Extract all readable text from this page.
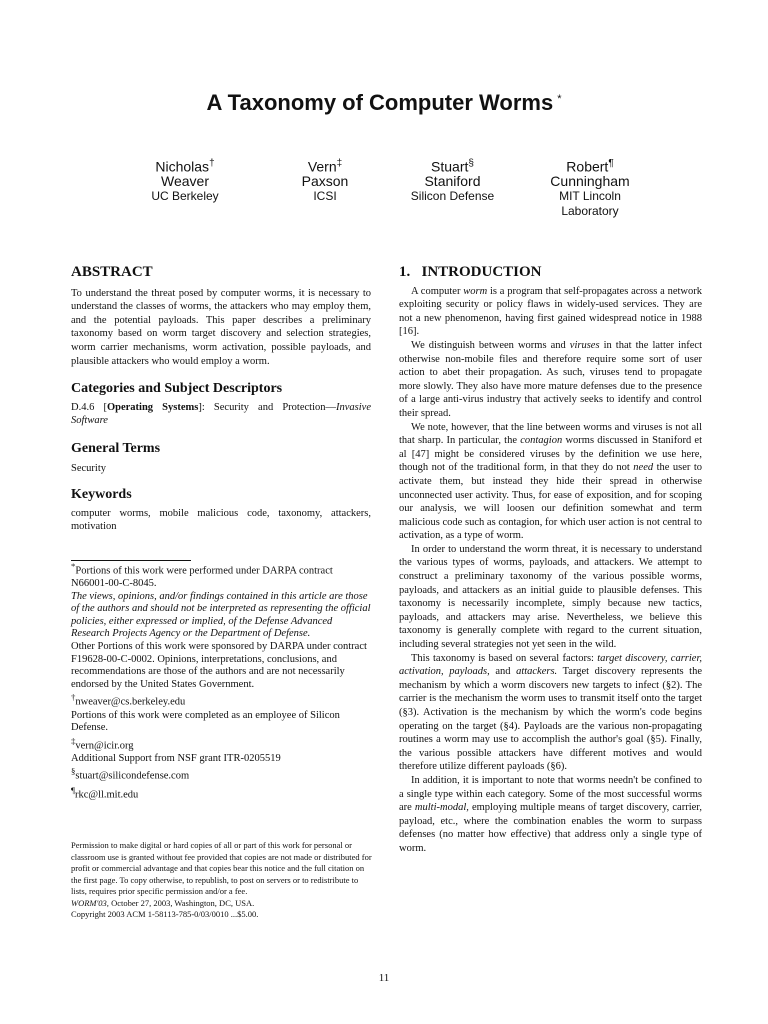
A Taxonomy of Computer Worms *
Nicholas†
Weaver
UC Berkeley
Vern‡
Paxson
ICSI
Stuart§
Staniford
Silicon Defense
Robert¶
Cunningham
MIT Lincoln
Laboratory
ABSTRACT

To understand the threat posed by computer worms, it is necessary to understand the classes of worms, the attackers who may employ them, and the potential payloads. This paper describes a preliminary taxonomy based on worm target discovery and selection strategies, worm carrier mechanisms, worm activation, possible payloads, and plausible attackers who would employ a worm.

Categories and Subject Descriptors

D.4.6 [Operating Systems]: Security and Protection—Invasive Software

General Terms

Security

Keywords

computer worms, mobile malicious code, taxonomy, attackers, motivation

*Portions of this work were performed under DARPA contract N66001-00-C-8045.

The views, opinions, and/or findings contained in this article are those of the authors and should not be interpreted as representing the official policies, either expressed or implied, of the Defense Advanced Research Projects Agency or the Department of Defense.

Other Portions of this work were sponsored by DARPA under contract F19628-00-C-0002. Opinions, interpretations, conclusions, and recommendations are those of the authors and are not necessarily endorsed by the United States Government.

†nweaver@cs.berkeley.edu

Portions of this work were completed as an employee of Silicon Defense.

‡vern@icir.org

Additional Support from NSF grant ITR-0205519

§stuart@silicondefense.com

¶rkc@ll.mit.edu

Permission to make digital or hard copies of all or part of this work for personal or classroom use is granted without fee provided that copies are not made or distributed for profit or commercial advantage and that copies bear this notice and the full citation on the first page. To copy otherwise, to republish, to post on servers or to redistribute to lists, requires prior specific permission and/or a fee.

WORM'03, October 27, 2003, Washington, DC, USA.

Copyright 2003 ACM 1-58113-785-0/03/0010 ...$5.00.

1.   INTRODUCTION

A computer worm is a program that self-propagates across a network exploiting security or policy flaws in widely-used services. They are not a new phenomenon, having first gained widespread notice in 1988 [16].

We distinguish between worms and viruses in that the latter infect otherwise non-mobile files and therefore require some sort of user action to abet their propagation. As such, viruses tend to propagate more slowly. They also have more mature defenses due to the presence of a large anti-virus industry that actively seeks to identify and control their spread.

We note, however, that the line between worms and viruses is not all that sharp. In particular, the contagion worms discussed in Staniford et al [47] might be considered viruses by the definition we use here, though not of the traditional form, in that they do not need the user to activate them, but instead they hide their spread in otherwise unconnected user activity. Thus, for ease of exposition, and for scoping our analysis, we will loosen our definition somewhat and term malicious code such as contagion, for which user action is not central to activation, as a type of worm.

In order to understand the worm threat, it is necessary to understand the various types of worms, payloads, and attackers. We attempt to construct a preliminary taxonomy of the various possible worms, payloads, and attackers as an initial guide to plausible defenses. This taxonomy is necessarily incomplete, simply because new tactics, payloads, and attackers may arise. Nevertheless, we believe this taxonomy is generally complete with regard to the current situation, including several strategies not yet seen in the wild.

This taxonomy is based on several factors: target discovery, carrier, activation, payloads, and attackers. Target discovery represents the mechanism by which a worm discovers new targets to infect (§2). The carrier is the mechanism the worm uses to transmit itself onto the target (§3). Activation is the mechanism by which the worm's code begins operating on the target (§4). Payloads are the various non-propagating routines a worm may use to accomplish the author's goal (§5). Finally, the various possible attackers have different motives and would therefore utilize different payloads (§6).

In addition, it is important to note that worms needn't be confined to a single type within each category. Some of the most successful worms are multi-modal, employing multiple means of target discovery, carrier, payload, etc., where the combination enables the worm to surpass defenses (no matter how effective) that address only a single type of worm.

11
